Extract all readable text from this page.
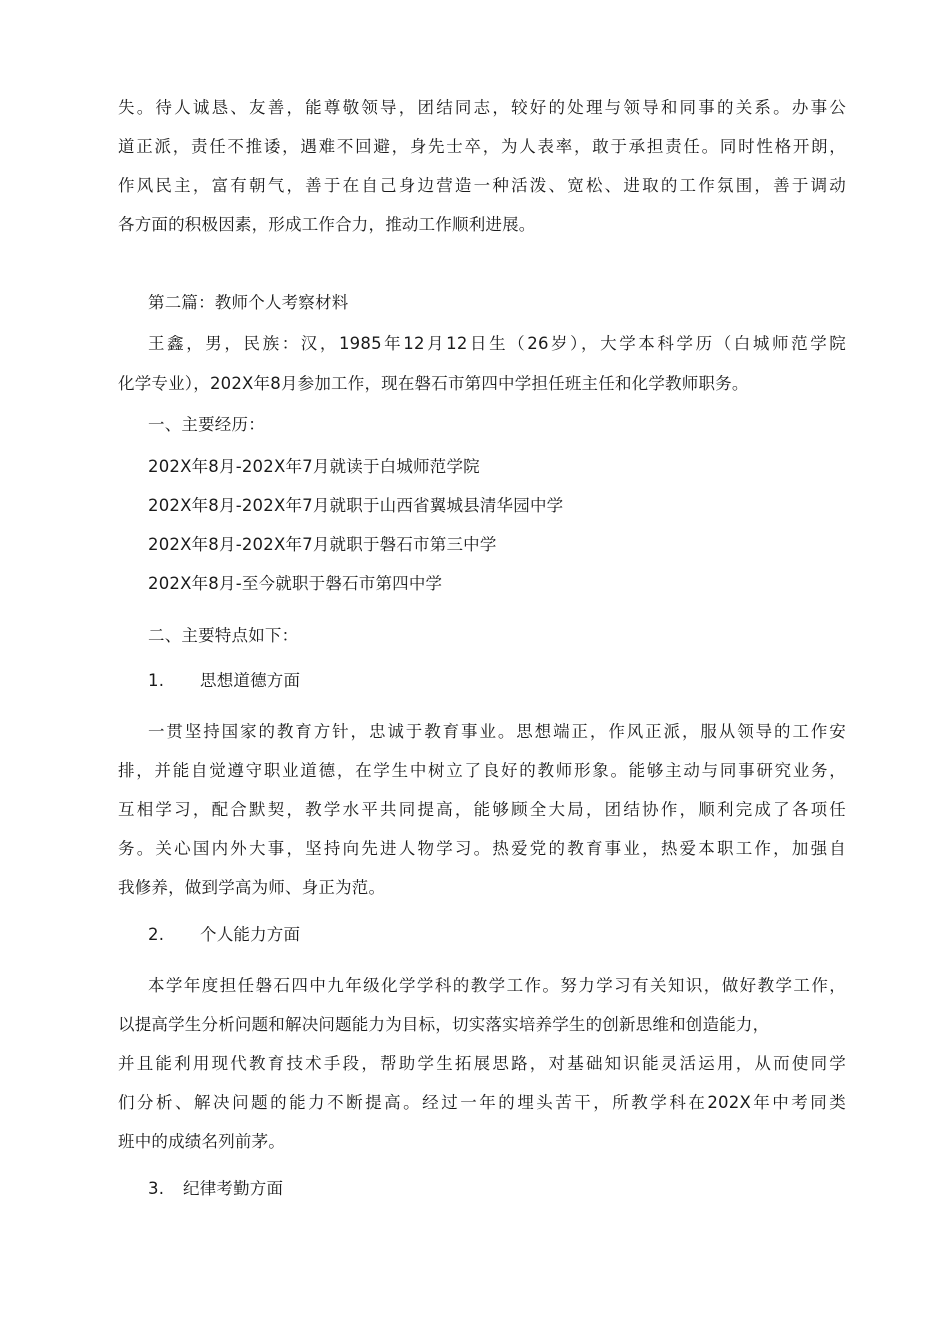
失。待人诚恳、友善，能尊敬领导，团结同志，较好的处理与领导和同事的关系。办事公
道正派，责任不推诿，遇难不回避，身先士卒，为人表率，敢于承担责任。同时性格开朗，
作风民主，富有朝气，善于在自己身边营造一种活泼、宽松、进取的工作氛围，善于调动
各方面的积极因素，形成工作合力，推动工作顺利进展。
第二篇：教师个人考察材料
王鑫，男，民族：汉，1985年12月12日生（26岁），大学本科学历（白城师范学院
化学专业），202X年8月参加工作，现在磐石市第四中学担任班主任和化学教师职务。
一、主要经历：
202X年8月-202X年7月就读于白城师范学院
202X年8月-202X年7月就职于山西省翼城县清华园中学
202X年8月-202X年7月就职于磐石市第三中学
202X年8月-至今就职于磐石市第四中学
二、主要特点如下：
1. 思想道德方面
一贯坚持国家的教育方针，忠诚于教育事业。思想端正，作风正派，服从领导的工作安
排，并能自觉遵守职业道德，在学生中树立了良好的教师形象。能够主动与同事研究业务，
互相学习，配合默契，教学水平共同提高，能够顾全大局，团结协作，顺利完成了各项任
务。关心国内外大事，坚持向先进人物学习。热爱党的教育事业，热爱本职工作，加强自
我修养，做到学高为师、身正为范。
2. 个人能力方面
本学年度担任磐石四中九年级化学学科的教学工作。努力学习有关知识，做好教学工作，
以提高学生分析问题和解决问题能力为目标，切实落实培养学生的创新思维和创造能力，
并且能利用现代教育技术手段，帮助学生拓展思路，对基础知识能灵活运用，从而使同学
们分析、解决问题的能力不断提高。经过一年的埋头苦干，所教学科在202X年中考同类
班中的成绩名列前茅。
3. 纪律考勤方面
